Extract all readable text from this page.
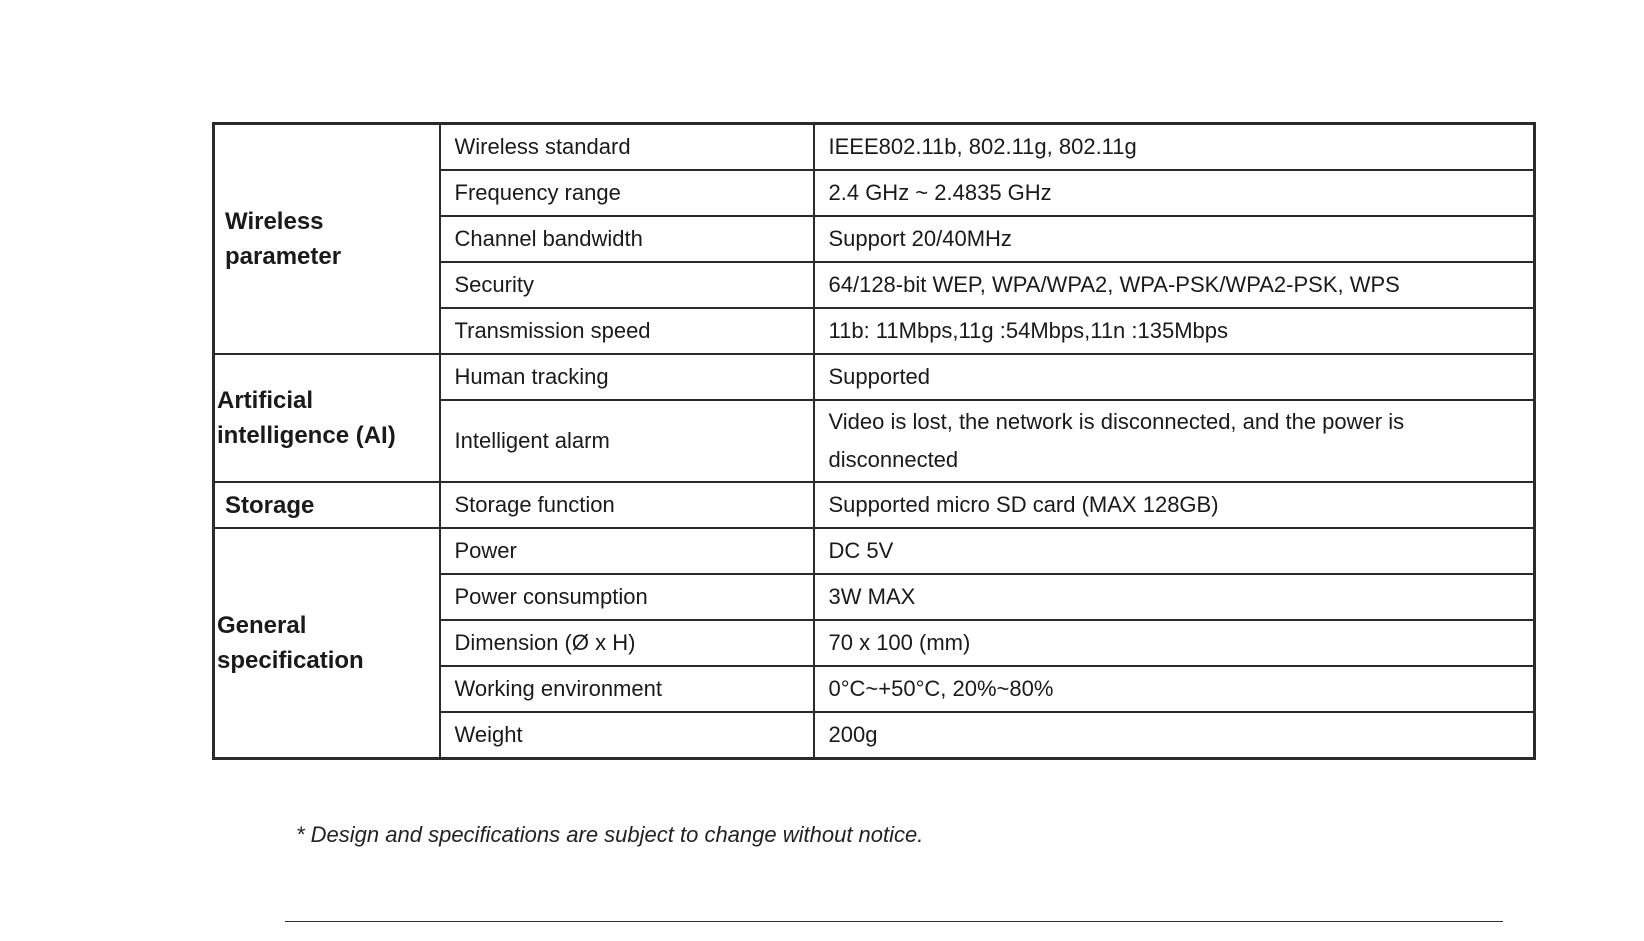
Wireless parameter	Wireless standard	IEEE802.11b, 802.11g, 802.11g
	Frequency range	2.4 GHz ~ 2.4835 GHz
	Channel bandwidth	Support 20/40MHz
	Security	64/128-bit WEP, WPA/WPA2, WPA-PSK/WPA2-PSK, WPS
	Transmission speed	11b: 11Mbps,11g :54Mbps,11n :135Mbps
Artificial intelligence (AI)	Human tracking	Supported
	Intelligent alarm	Video is lost, the network is disconnected, and the power is disconnected
Storage	Storage function	Supported micro SD card (MAX 128GB)
General specification	Power	DC 5V
	Power consumption	3W MAX
	Dimension (Ø x H)	70 x 100 (mm)
	Working environment	0°C~+50°C, 20%~80%
	Weight	200g
* Design and specifications are subject to change without notice.
